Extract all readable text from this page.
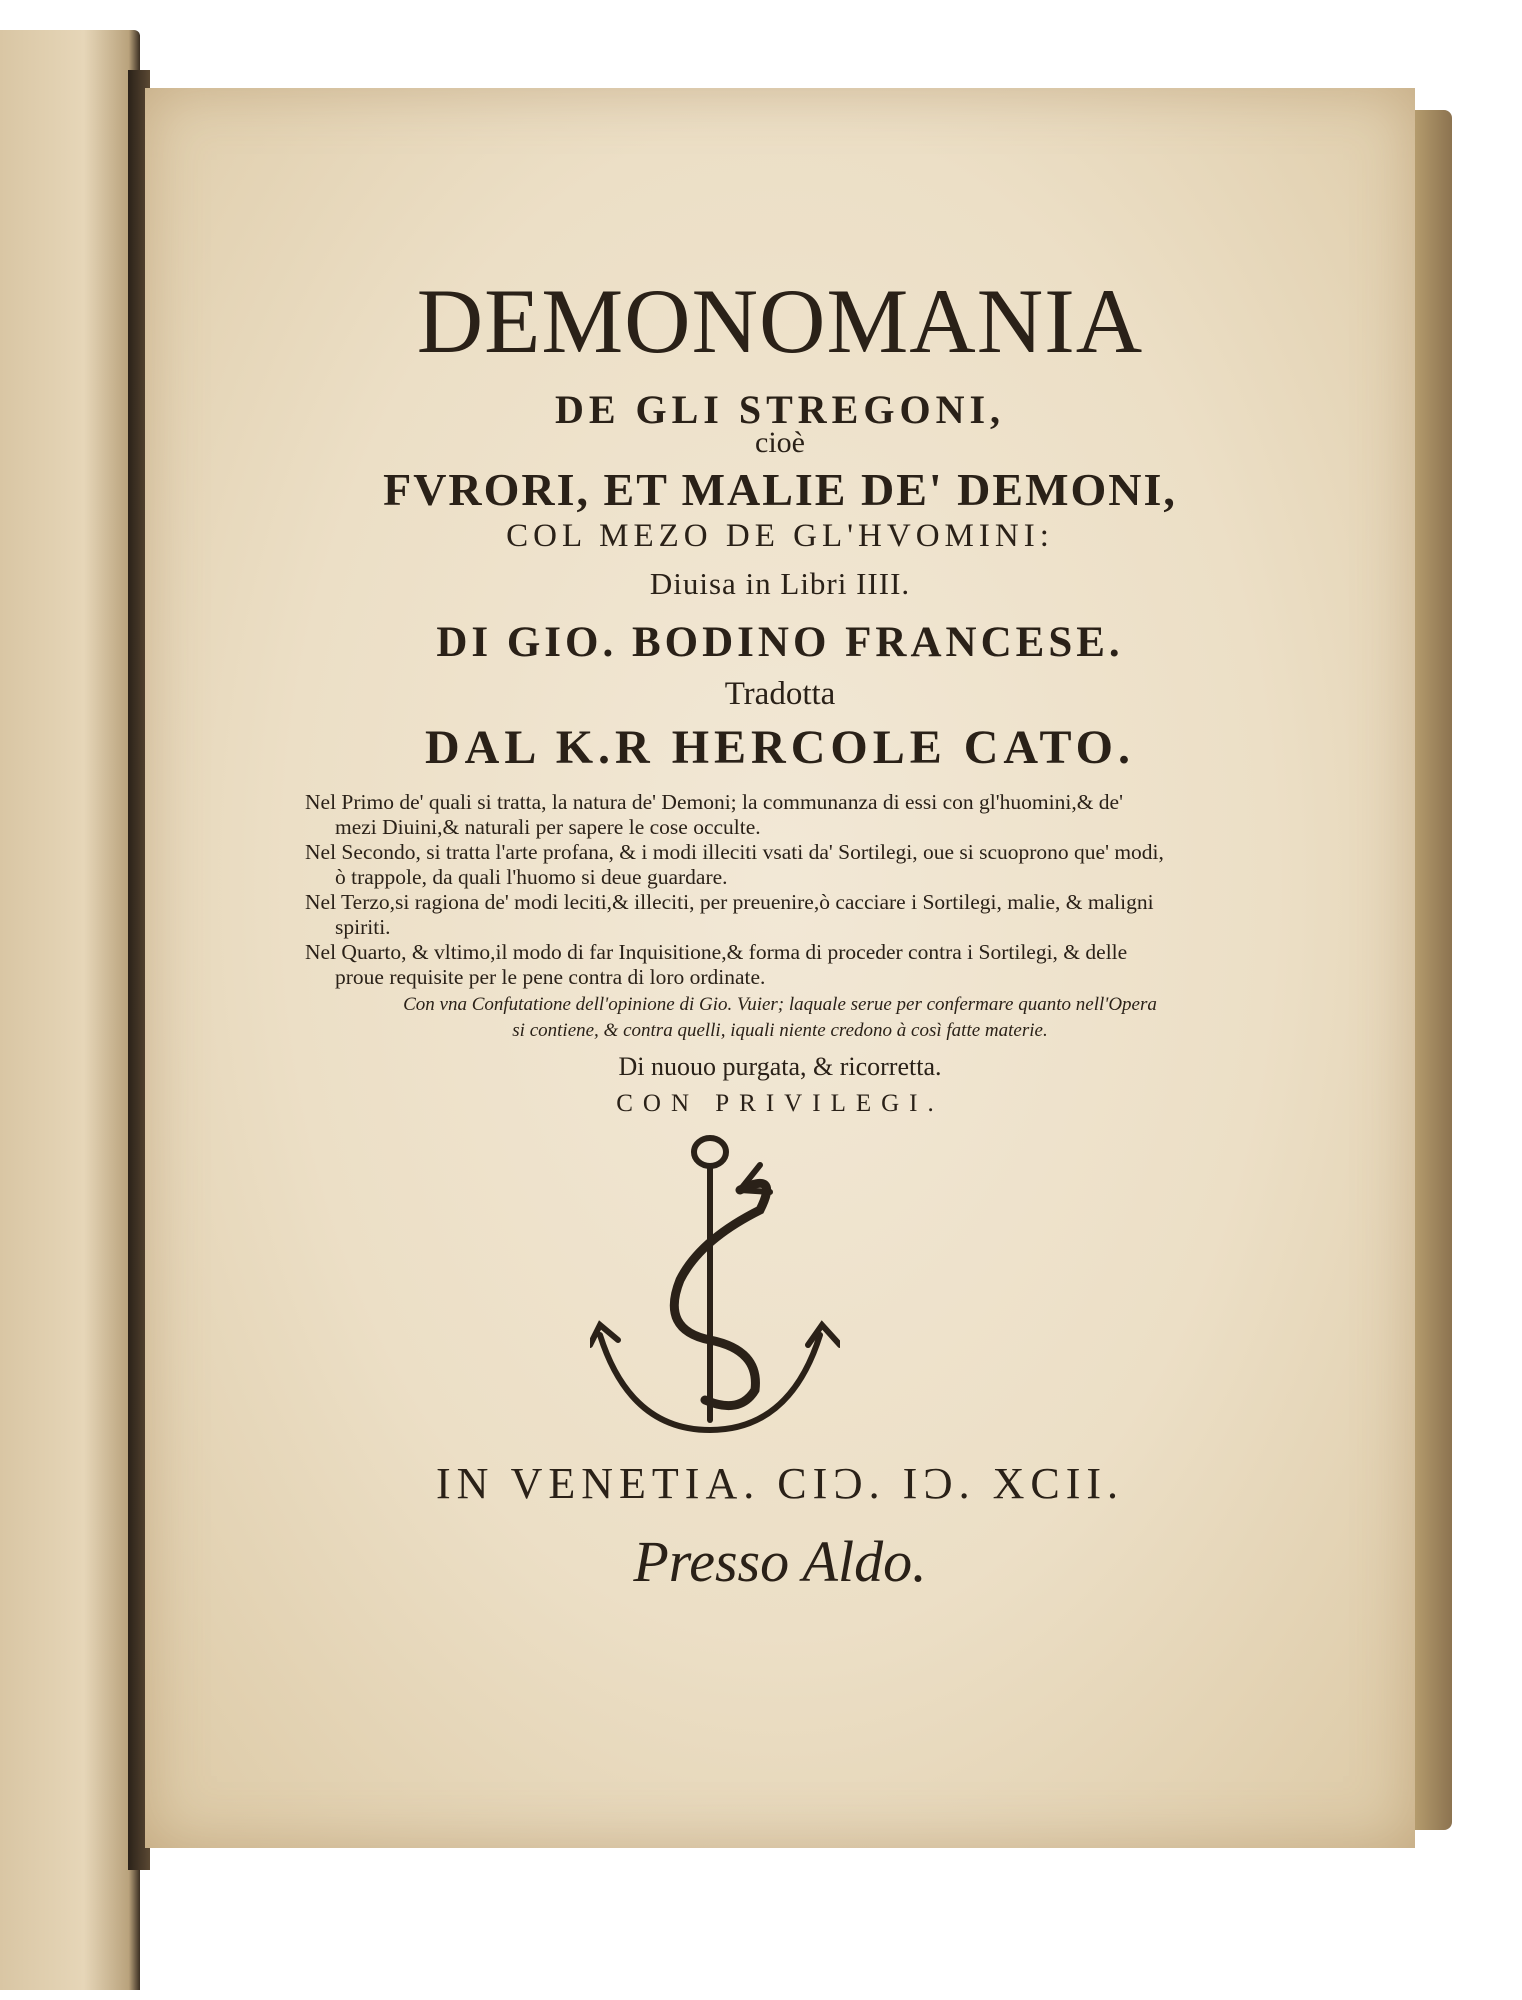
DEMONOMANIA
DE GLI STREGONI,
cioè
FVRORI, ET MALIE DE' DEMONI,
COL MEZO DE GL'HVOMINI:
Diuisa in Libri IIII.
DI GIO. BODINO FRANCESE.
Tradotta
DAL K.R HERCOLE CATO.

Nel Primo de' quali si tratta, la natura de' Demoni; la communanza di essi con gl'huomini,& de' mezi Diuini,& naturali per sapere le cose occulte.

Nel Secondo, si tratta l'arte profana, & i modi illeciti vsati da' Sortilegi, oue si scuoprono que' modi, ò trappole, da quali l'huomo si deue guardare.

Nel Terzo,si ragiona de' modi leciti,& illeciti, per preuenire,ò cacciare i Sortilegi, malie, & maligni spiriti.

Nel Quarto, & vltimo,il modo di far Inquisitione,& forma di proceder contra i Sortilegi, & delle proue requisite per le pene contra di loro ordinate.

Con vna Confutatione dell'opinione di Gio. Vuier; laquale serue per confermare quanto nell'Opera
si contiene, & contra quelli, iquali niente credono à così fatte materie.
Di nuouo purgata, & ricorretta.
CON PRIVILEGI.
IN VENETIA. CIƆ. IƆ. XCII.
Presso Aldo.
